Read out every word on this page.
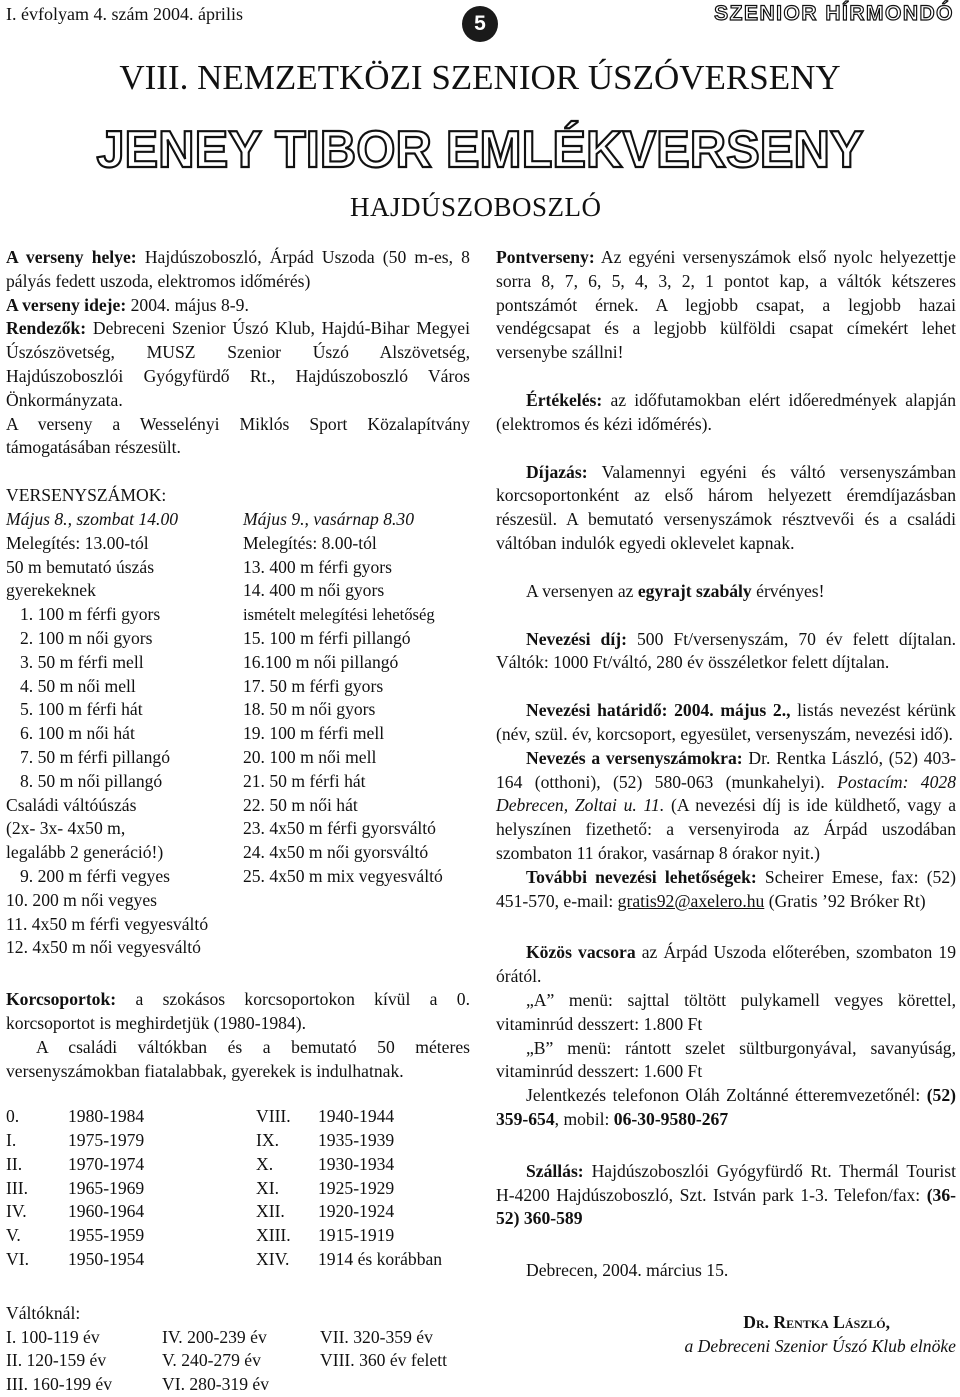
I. évfolyam 4. szám 2004. április	5	SZENIOR HÍRMONDÓ
VIII. NEMZETKÖZI SZENIOR ÚSZÓVERSENY
JENEY TIBOR EMLÉKVERSENY
HAJDÚSZOBOSZLÓ

A verseny helye: Hajdúszoboszló, Árpád Uszoda (50 m-es, 8 pályás fedett uszoda, elektromos időmérés)

A verseny ideje: 2004. május 8-9.

Rendezők: Debreceni Szenior Úszó Klub, Hajdú-Bihar Megyei Úszószövetség, MUSZ Szenior Úszó Alszövetség, Hajdúszoboszlói Gyógyfürdő Rt., Hajdúszoboszló Város Önkormányzata.

A verseny a Wesselényi Miklós Sport Közalapítvány támogatásában részesült.

VERSENYSZÁMOK:

Május 8., szombat 14.00

Melegítés: 13.00-tól

50 m bemutató úszás

gyerekeknek

1. 100 m férfi gyors

2. 100 m női gyors

3. 50 m férfi mell

4. 50 m női mell

5. 100 m férfi hát

6. 100 m női hát

7. 50 m férfi pillangó

8. 50 m női pillangó

Családi váltóúszás

(2x- 3x- 4x50 m,

legalább 2 generáció!)

9. 200 m férfi vegyes

10. 200 m női vegyes

11. 4x50 m férfi vegyesváltó

12. 4x50 m női vegyesváltó

Május 9., vasárnap 8.30

Melegítés: 8.00-tól

13. 400 m férfi gyors

14. 400 m női gyors

ismételt melegítési lehetőség

15. 100 m férfi pillangó

16.100 m női pillangó

17. 50 m férfi gyors

18. 50 m női gyors

19. 100 m férfi mell

20. 100 m női mell

21. 50 m férfi hát

22. 50 m női hát

23. 4x50 m férfi gyorsváltó

24. 4x50 m női gyorsváltó

25. 4x50 m mix vegyesváltó

Korcsoportok: a szokásos korcsoportokon kívül a 0. korcsoportot is meghirdetjük (1980-1984).

A családi váltókban és a bemutató 50 méteres versenyszámokban fiatalabbak, gyerekek is indulhatnak.

0.	1980-1984	VIII.	1940-1944
I.	1975-1979	IX.	1935-1939
II.	1970-1974	X.	1930-1934
III.	1965-1969	XI.	1925-1929
IV.	1960-1964	XII.	1920-1924
V.	1955-1959	XIII.	1915-1919
VI.	1950-1954	XIV.	1914 és korábban

Váltóknál:

I. 100-119 év	IV. 200-239 év	VII. 320-359 év
II. 120-159 év	V. 240-279 év	VIII. 360 év felett
III. 160-199 év	VI. 280-319 év

Pontverseny: Az egyéni versenyszámok első nyolc helyezettje sorra 8, 7, 6, 5, 4, 3, 2, 1 pontot kap, a váltók kétszeres pontszámót érnek. A legjobb csapat, a legjobb hazai vendégcsapat és a legjobb külföldi csapat címekért lehet versenybe szállni!

Értékelés: az időfutamokban elért időeredmények alapján (elektromos és kézi időmérés).

Díjazás: Valamennyi egyéni és váltó versenyszámban korcsoportonként az első három helyezett éremdíjazásban részesül. A bemutató versenyszámok résztvevői és a családi váltóban indulók egyedi oklevelet kapnak.

A versenyen az egyrajt szabály érvényes!

Nevezési díj: 500 Ft/versenyszám, 70 év felett díjtalan. Váltók: 1000 Ft/váltó, 280 év összéletkor felett díjtalan.

Nevezési határidő: 2004. május 2., listás nevezést kérünk (név, szül. év, korcsoport, egyesület, versenyszám, nevezési idő).

Nevezés a versenyszámokra: Dr. Rentka László, (52) 403-164 (otthoni), (52) 580-063 (munkahelyi). Postacím: 4028 Debrecen, Zoltai u. 11. (A nevezési díj is ide küldhető, vagy a helyszínen fizethető: a versenyiroda az Árpád uszodában szombaton 11 órakor, vasárnap 8 órakor nyit.)

További nevezési lehetőségek: Scheirer Emese, fax: (52) 451-570, e-mail: gratis92@axelero.hu (Gratis ’92 Bróker Rt)

Közös vacsora az Árpád Uszoda előterében, szombaton 19 órától.

„A” menü: sajttal töltött pulykamell vegyes körettel, vitaminrúd desszert: 1.800 Ft

„B” menü: rántott szelet sültburgonyával, savanyúság, vitaminrúd desszert: 1.600 Ft

Jelentkezés telefonon Oláh Zoltánné étteremvezetőnél: (52) 359-654, mobil: 06-30-9580-267

Szállás: Hajdúszoboszlói Gyógyfürdő Rt. Thermál Tourist H-4200 Hajdúszoboszló, Szt. István park 1-3. Telefon/fax: (36-52) 360-589

Debrecen, 2004. március 15.

Dr. Rentka László,

a Debreceni Szenior Úszó Klub elnöke
